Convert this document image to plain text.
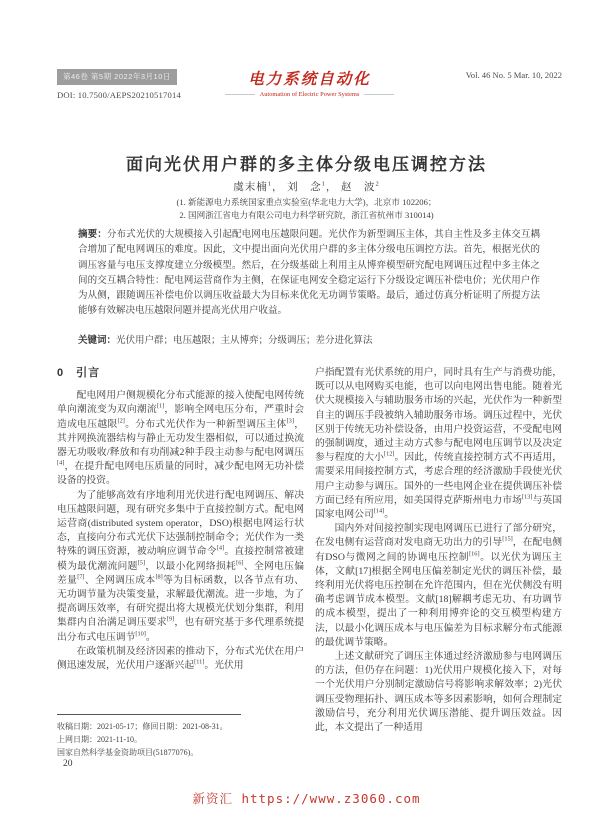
第46卷 第5期 2022年3月10日
DOI: 10.7500/AEPS20210517014
电力系统自动化
Automation of Electric Power Systems
Vol. 46 No. 5 Mar. 10, 2022
面向光伏用户群的多主体分级电压调控方法
虞末楠$^1$， 刘　念$^1$， 赵　波$^2$
(1. 新能源电力系统国家重点实验室(华北电力大学)，北京市 102206；
2. 国网浙江省电力有限公司电力科学研究院，浙江省杭州市 310014)
摘要：分布式光伏的大规模接入引起配电网电压越限问题。光伏作为新型调压主体，其自主性及多主体交互耦合增加了配电网调压的难度。因此，文中提出面向光伏用户群的多主体分级电压调控方法。首先，根据光伏的调压容量与电压支撑度建立分级模型。然后，在分级基础上利用主从博弈模型研究配电网调压过程中多主体之间的交互耦合特性：配电网运营商作为主侧，在保证电网安全稳定运行下分级设定调压补偿电价；光伏用户作为从侧，跟随调压补偿电价以调压收益最大为目标来优化无功调节策略。最后，通过仿真分析证明了所提方法能够有效解决电压越限问题并提高光伏用户收益。
关键词：光伏用户群；电压越限；主从博弈；分级调压；差分进化算法
0　引言

配电网用户侧规模化分布式能源的接入使配电网传统单向潮流变为双向潮流[1]，影响全网电压分布，严重时会造成电压越限[2]。分布式光伏作为一种新型调压主体[3]，其并网换流器结构与静止无功发生器相似，可以通过换流器无功吸收/释放和有功削减2种手段主动参与配电网调压[4]，在提升配电网电压质量的同时，减少配电网无功补偿设备的投资。

为了能够高效有序地利用光伏进行配电网调压、解决电压越限问题，现有研究多集中于直接控制方式。配电网运营商(distributed system operator，DSO)根据电网运行状态，直接向分布式光伏下达强制控制命令；光伏作为一类特殊的调压资源，被动响应调节命令[4]。直接控制常被建模为最优潮流问题[5]，以最小化网络损耗[6]、全网电压偏差量[7]、全网调压成本[8]等为目标函数，以各节点有功、无功调节量为决策变量，求解最优潮流。进一步地，为了提高调压效率，有研究提出将大规模光伏划分集群，利用集群内自治满足调压要求[9]，也有研究基于多代理系统提出分布式电压调节[10]。

在政策机制及经济因素的推动下，分布式光伏在用户侧迅速发展，光伏用户逐渐兴起[11]。光伏用

户指配置有光伏系统的用户，同时具有生产与消费功能，既可以从电网购买电能，也可以向电网出售电能。随着光伏大规模接入与辅助服务市场的兴起，光伏作为一种新型自主的调压手段被纳入辅助服务市场。调压过程中，光伏区别于传统无功补偿设备，由用户投资运营，不受配电网的强制调度，通过主动方式参与配电网电压调节以及决定参与程度的大小[12]。因此，传统直接控制方式不再适用，需要采用间接控制方式，考虑合理的经济激励手段使光伏用户主动参与调压。国外的一些电网企业在提供调压补偿方面已经有所应用，如美国得克萨斯州电力市场[13]与英国国家电网公司[14]。

国内外对间接控制实现电网调压已进行了部分研究，在发电侧有运营商对发电商无功出力的引导[15]，在配电侧有DSO与微网之间的协调电压控制[16]。以光伏为调压主体，文献[17]根据全网电压偏差制定光伏的调压补偿，最终利用光伏将电压控制在允许范围内，但在光伏侧没有明确考虑调节成本模型。文献[18]解耦考虑无功、有功调节的成本模型，提出了一种利用博弈论的交互模型构建方法，以最小化调压成本与电压偏差为目标求解分布式能源的最优调节策略。

上述文献研究了调压主体通过经济激励参与电网调压的方法，但仍存在问题：1)光伏用户规模化接入下，对每一个光伏用户分别制定激励信号将影响求解效率；2)光伏调压受物理拓扑、调压成本等多因素影响，如何合理制定激励信号，充分利用光伏调压潜能、提升调压效益。因此，本文提出了一种适用

收稿日期：2021-05-17；修回日期：2021-08-31。
上网日期：2021-11-10。
国家自然科学基金资助项目(51877076)。
20
新资汇 https://www.z3060.com
